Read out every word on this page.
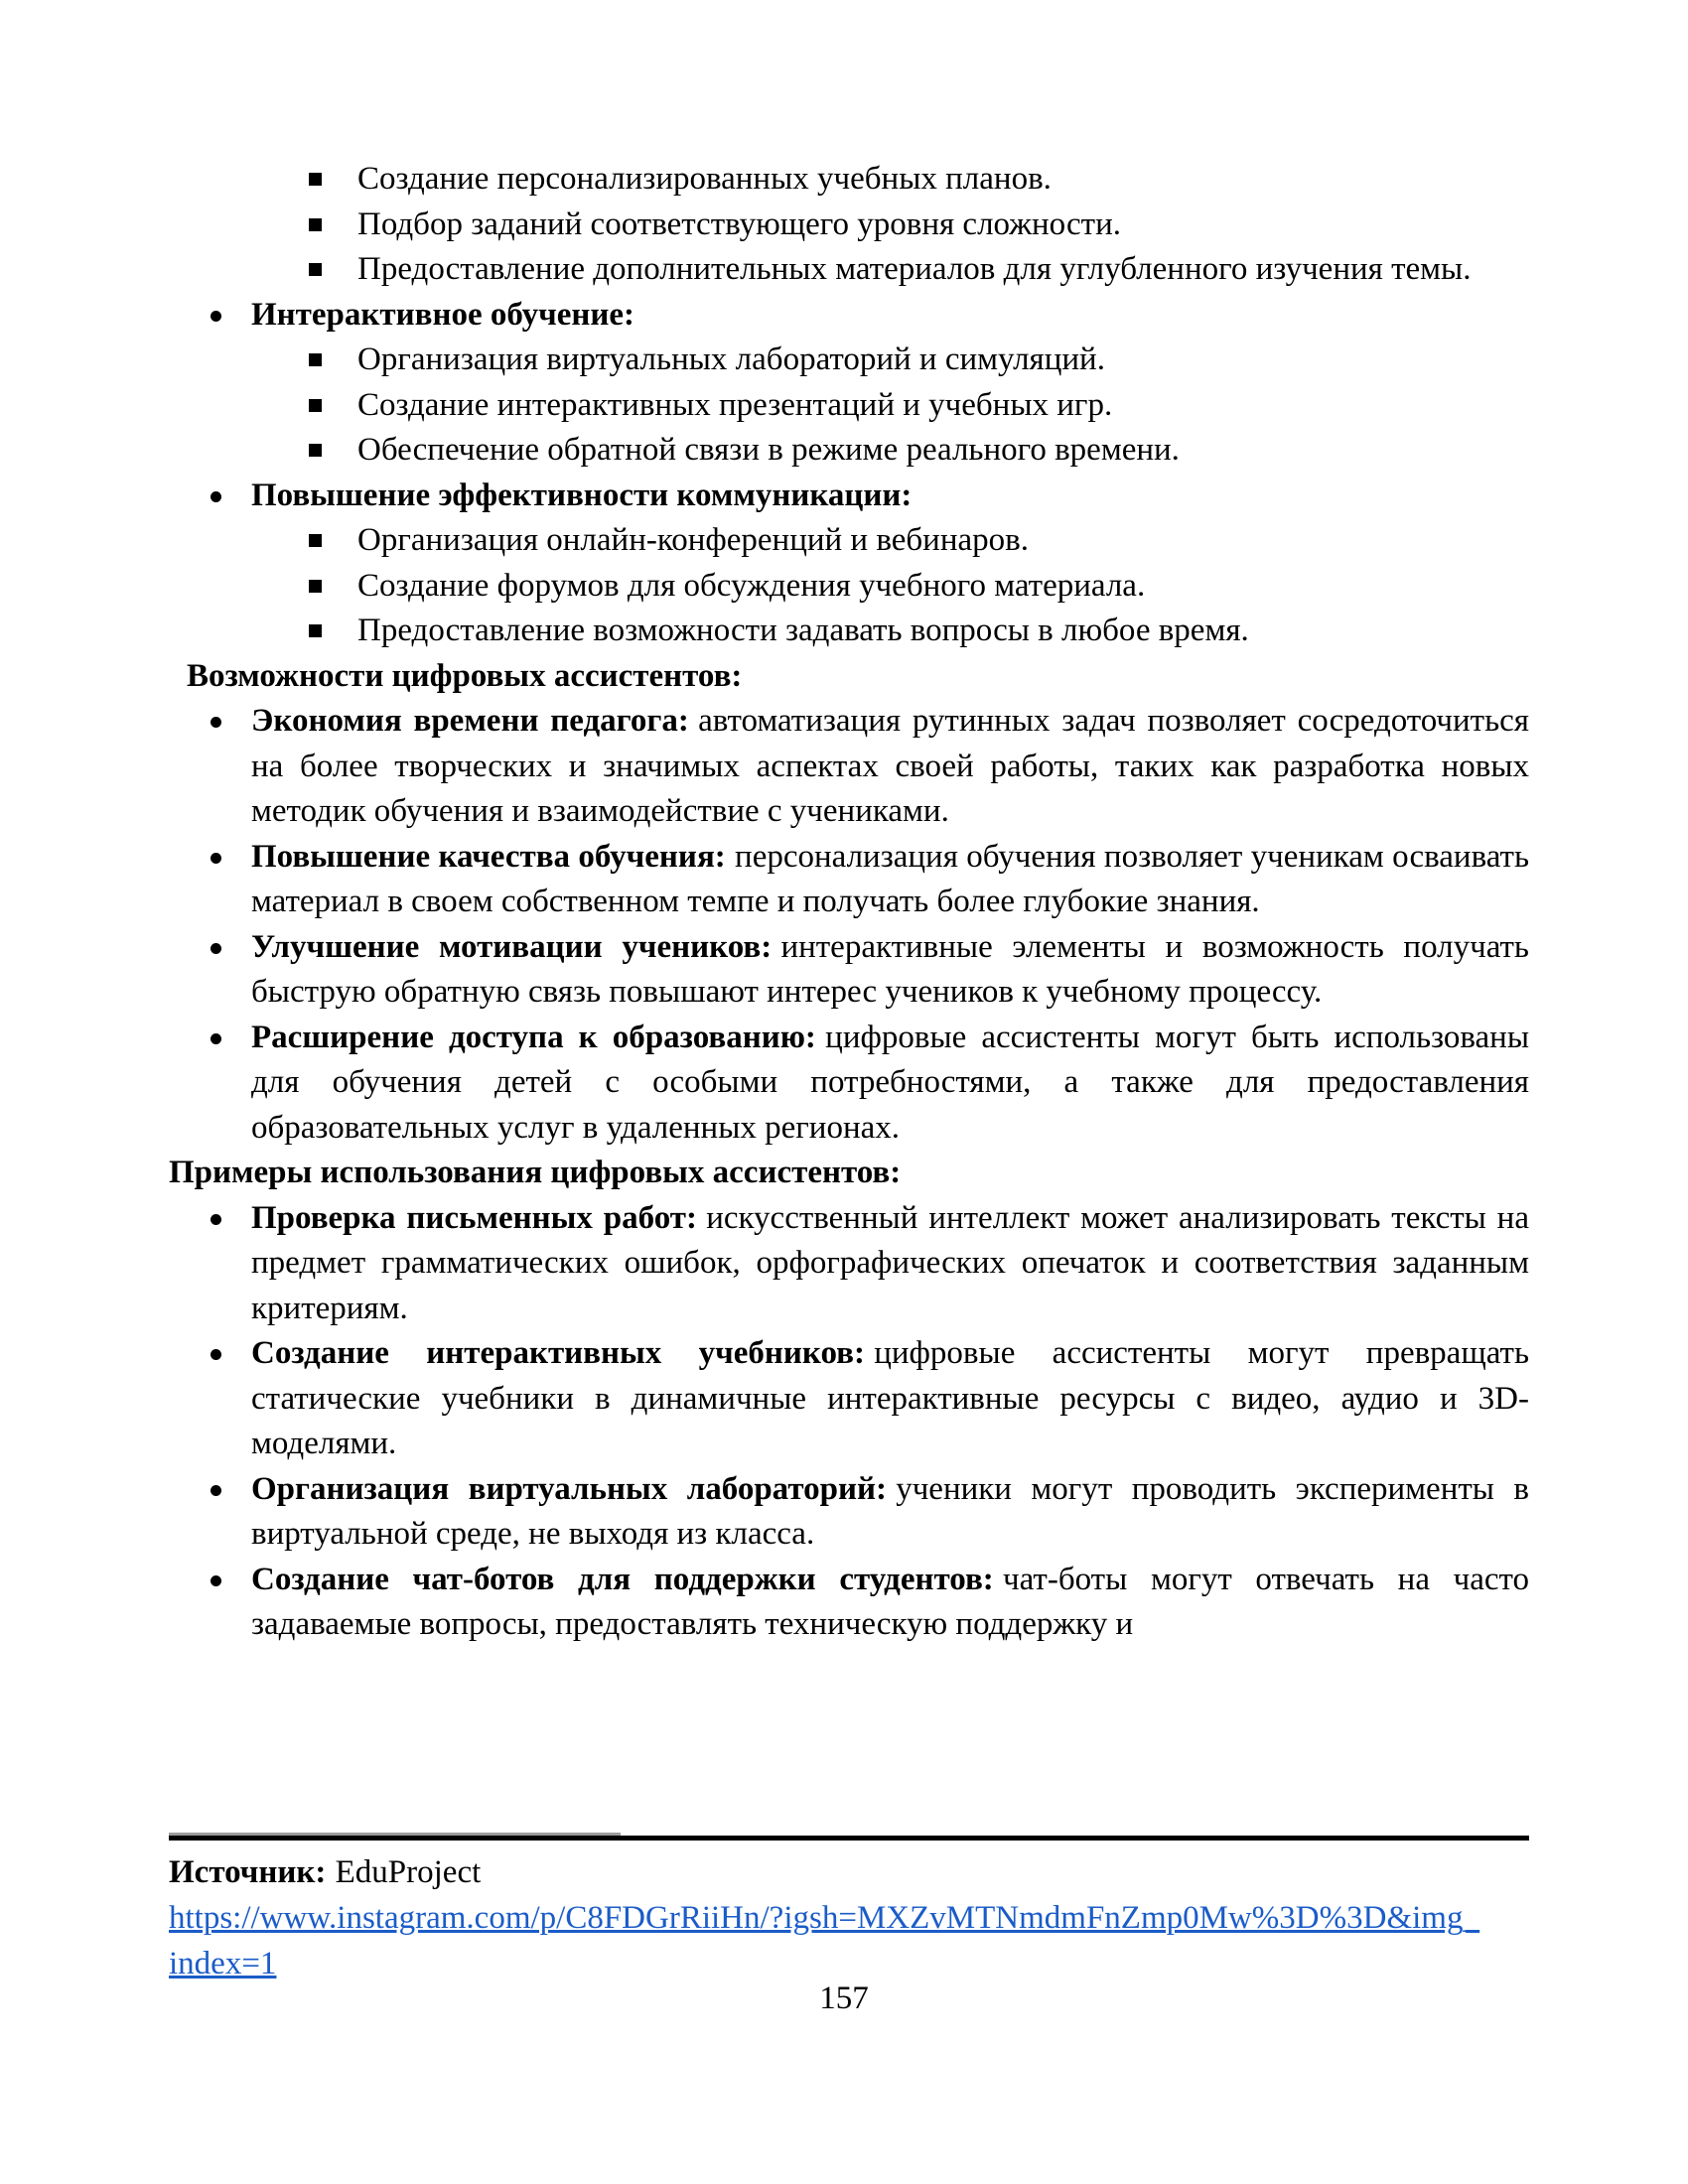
Создание персонализированных учебных планов.
Подбор заданий соответствующего уровня сложности.
Предоставление дополнительных материалов для углубленного изучения темы.
Интерактивное обучение:
Организация виртуальных лабораторий и симуляций.
Создание интерактивных презентаций и учебных игр.
Обеспечение обратной связи в режиме реального времени.
Повышение эффективности коммуникации:
Организация онлайн-конференций и вебинаров.
Создание форумов для обсуждения учебного материала.
Предоставление возможности задавать вопросы в любое время.
Возможности цифровых ассистентов:
Экономия времени педагога: автоматизация рутинных задач позволяет сосредоточиться на более творческих и значимых аспектах своей работы, таких как разработка новых методик обучения и взаимодействие с учениками.
Повышение качества обучения: персонализация обучения позволяет ученикам осваивать материал в своем собственном темпе и получать более глубокие знания.
Улучшение мотивации учеников: интерактивные элементы и возможность получать быструю обратную связь повышают интерес учеников к учебному процессу.
Расширение доступа к образованию: цифровые ассистенты могут быть использованы для обучения детей с особыми потребностями, а также для предоставления образовательных услуг в удаленных регионах.
Примеры использования цифровых ассистентов:
Проверка письменных работ: искусственный интеллект может анализировать тексты на предмет грамматических ошибок, орфографических опечаток и соответствия заданным критериям.
Создание интерактивных учебников: цифровые ассистенты могут превращать статические учебники в динамичные интерактивные ресурсы с видео, аудио и 3D-моделями.
Организация виртуальных лабораторий: ученики могут проводить эксперименты в виртуальной среде, не выходя из класса.
Создание чат-ботов для поддержки студентов: чат-боты могут отвечать на часто задаваемые вопросы, предоставлять техническую поддержку и
Источник: EduProject
https://www.instagram.com/p/C8FDGrRiiHn/?igsh=MXZvMTNmdmFnZmp0Mw%3D%3D&img_
index=1
157
